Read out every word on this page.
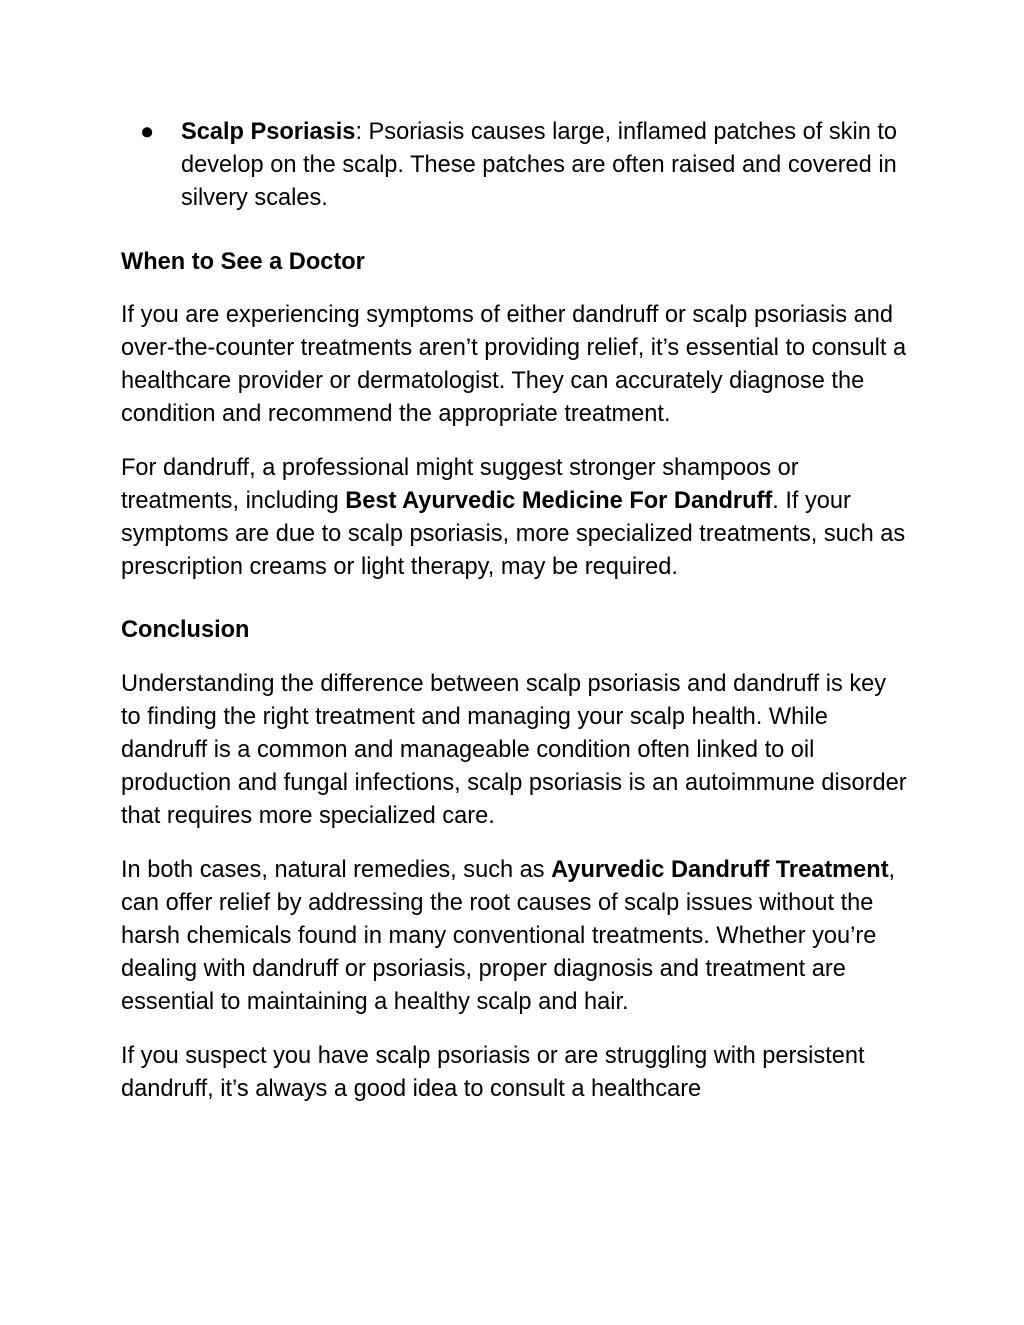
● Scalp Psoriasis: Psoriasis causes large, inflamed patches of skin to develop on the scalp. These patches are often raised and covered in silvery scales.

When to See a Doctor

If you are experiencing symptoms of either dandruff or scalp psoriasis and over-the-counter treatments aren’t providing relief, it’s essential to consult a healthcare provider or dermatologist. They can accurately diagnose the condition and recommend the appropriate treatment.

For dandruff, a professional might suggest stronger shampoos or treatments, including Best Ayurvedic Medicine For Dandruff. If your symptoms are due to scalp psoriasis, more specialized treatments, such as prescription creams or light therapy, may be required.

Conclusion

Understanding the difference between scalp psoriasis and dandruff is key to finding the right treatment and managing your scalp health. While dandruff is a common and manageable condition often linked to oil production and fungal infections, scalp psoriasis is an autoimmune disorder that requires more specialized care.

In both cases, natural remedies, such as Ayurvedic Dandruff Treatment, can offer relief by addressing the root causes of scalp issues without the harsh chemicals found in many conventional treatments. Whether you’re dealing with dandruff or psoriasis, proper diagnosis and treatment are essential to maintaining a healthy scalp and hair.

If you suspect you have scalp psoriasis or are struggling with persistent dandruff, it’s always a good idea to consult a healthcare
